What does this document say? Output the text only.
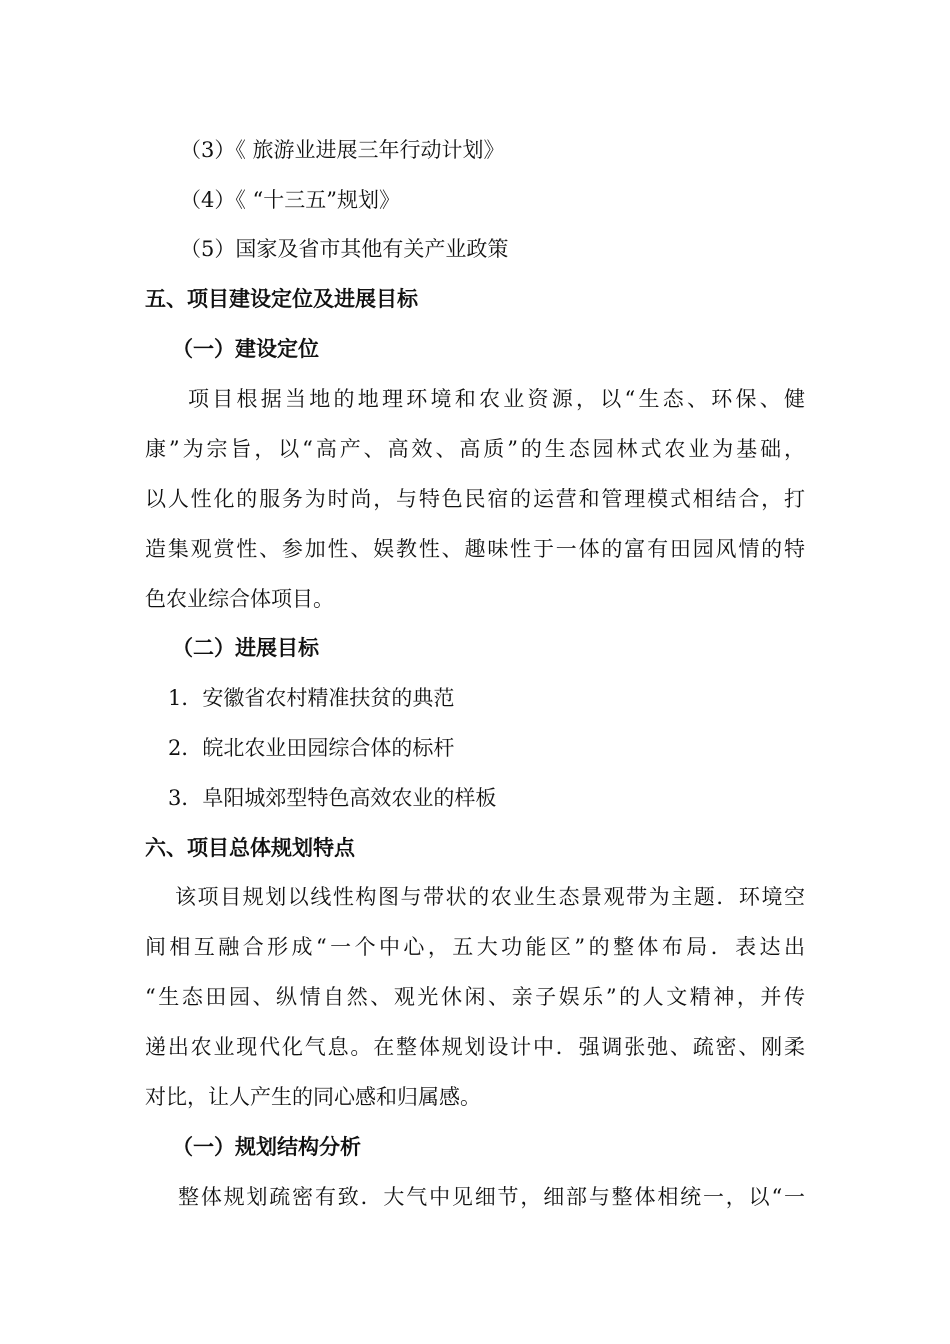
（3）《 旅游业进展三年行动计划》
（4）《 “十三五”规划》
（5）国家及省市其他有关产业政策
五、项目建设定位及进展目标
（一）建设定位
项目根据当地的地理环境和农业资源，以“生态、环保、健
康”为宗旨，以“高产、高效、高质”的生态园林式农业为基础，
以人性化的服务为时尚，与特色民宿的运营和管理模式相结合，打
造集观赏性、参加性、娱教性、趣味性于一体的富有田园风情的特
色农业综合体项目。
（二）进展目标
1．安徽省农村精准扶贫的典范
2．皖北农业田园综合体的标杆
3．阜阳城郊型特色高效农业的样板
六、项目总体规划特点
该项目规划以线性构图与带状的农业生态景观带为主题．环境空
间相互融合形成“一个中心，五大功能区”的整体布局．表达出
“生态田园、纵情自然、观光休闲、亲子娱乐”的人文精神，并传
递出农业现代化气息。在整体规划设计中．强调张弛、疏密、刚柔
对比，让人产生的同心感和归属感。
（一）规划结构分析
整体规划疏密有致．大气中见细节，细部与整体相统一，以“一
